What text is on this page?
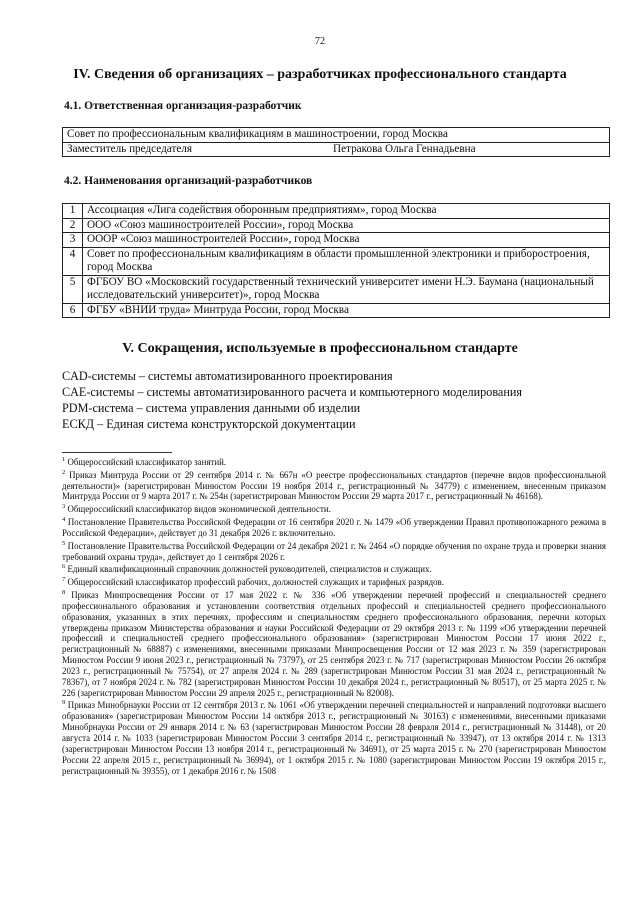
72
IV. Сведения об организациях – разработчиках профессионального стандарта
4.1. Ответственная организация-разработчик
Совет по профессиональным квалификациям в машиностроении, город Москва
Заместитель председателя	Петракова Ольга Геннадьевна
4.2. Наименования организаций-разработчиков
1	Ассоциация «Лига содействия оборонным предприятиям», город Москва
2	ООО «Союз машиностроителей России», город Москва
3	ОООР «Союз машиностроителей России», город Москва
4	Совет по профессиональным квалификациям в области промышленной электроники и приборостроения, город Москва
5	ФГБОУ ВО «Московский государственный технический университет имени Н.Э. Баумана (национальный исследовательский университет)», город Москва
6	ФГБУ «ВНИИ труда» Минтруда России, город Москва
V. Сокращения, используемые в профессиональном стандарте
CAD-системы – системы автоматизированного проектирования
CAE-системы – системы автоматизированного расчета и компьютерного моделирования
PDM-система – система управления данными об изделии
ЕСКД – Единая система конструкторской документации

$^1$ Общероссийский классификатор занятий.

$^2$ Приказ Минтруда России от 29 сентября 2014 г. № 667н «О реестре профессиональных стандартов (перечне видов профессиональной деятельности)» (зарегистрирован Минюстом России 19 ноября 2014 г., регистрационный № 34779) с изменением, внесенным приказом Минтруда России от 9 марта 2017 г. № 254н (зарегистрирован Минюстом России 29 марта 2017 г., регистрационный № 46168).

$^3$ Общероссийский классификатор видов экономической деятельности.

$^4$ Постановление Правительства Российской Федерации от 16 сентября 2020 г. № 1479 «Об утверждении Правил противопожарного режима в Российской Федерации», действует до 31 декабря 2026 г. включительно.

$^5$ Постановление Правительства Российской Федерации от 24 декабря 2021 г. № 2464 «О порядке обучения по охране труда и проверки знания требований охраны труда», действует до 1 сентября 2026 г.

$^6$ Единый квалификационный справочник должностей руководителей, специалистов и служащих.

$^7$ Общероссийский классификатор профессий рабочих, должностей служащих и тарифных разрядов.

$^8$ Приказ Минпросвещения России от 17 мая 2022 г. № 336 «Об утверждении перечней профессий и специальностей среднего профессионального образования и установлении соответствия отдельных профессий и специальностей среднего профессионального образования, указанных в этих перечнях, профессиям и специальностям среднего профессионального образования, перечни которых утверждены приказом Министерства образования и науки Российской Федерации от 29 октября 2013 г. № 1199 «Об утверждении перечней профессий и специальностей среднего профессионального образования» (зарегистрирован Минюстом России 17 июня 2022 г., регистрационный № 68887) с изменениями, внесенными приказами Минпросвещения России от 12 мая 2023 г. № 359 (зарегистрирован Минюстом России 9 июня 2023 г., регистрационный № 73797), от 25 сентября 2023 г. № 717 (зарегистрирован Минюстом России 26 октября 2023 г., регистрационный № 75754), от 27 апреля 2024 г. № 289 (зарегистрирован Минюстом России 31 мая 2024 г., регистрационный № 78367), от 7 ноября 2024 г. № 782 (зарегистрирован Минюстом России 10 декабря 2024 г., регистрационный № 80517), от 25 марта 2025 г. № 226 (зарегистрирован Минюстом России 29 апреля 2025 г., регистрационный № 82008).

$^9$ Приказ Минобрнауки России от 12 сентября 2013 г. № 1061 «Об утверждении перечней специальностей и направлений подготовки высшего образования» (зарегистрирован Минюстом России 14 октября 2013 г., регистрационный № 30163) с изменениями, внесенными приказами Минобрнауки России от 29 января 2014 г. № 63 (зарегистрирован Минюстом России 28 февраля 2014 г., регистрационный № 31448), от 20 августа 2014 г. № 1033 (зарегистрирован Минюстом России 3 сентября 2014 г., регистрационный № 33947), от 13 октября 2014 г. № 1313 (зарегистрирован Минюстом России 13 ноября 2014 г., регистрационный № 34691), от 25 марта 2015 г. № 270 (зарегистрирован Минюстом России 22 апреля 2015 г., регистрационный № 36994), от 1 октября 2015 г. № 1080 (зарегистрирован Минюстом России 19 октября 2015 г., регистрационный № 39355), от 1 декабря 2016 г. № 1508
